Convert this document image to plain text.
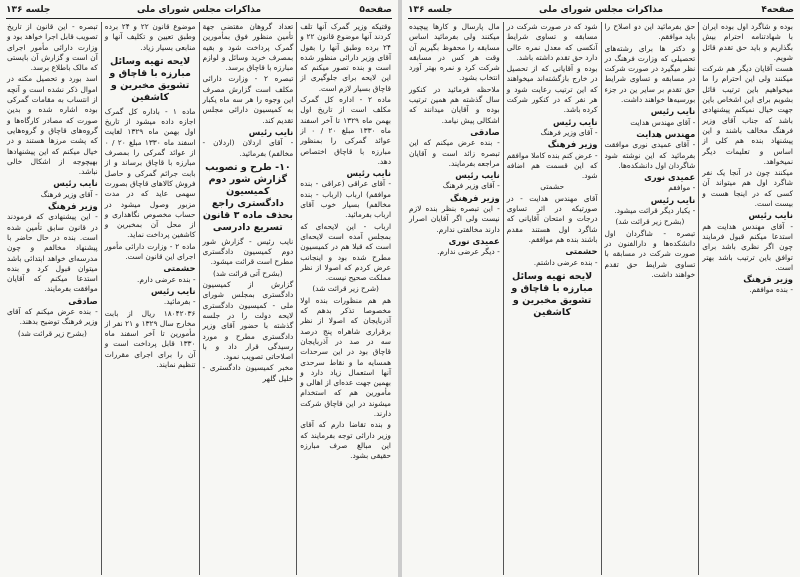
صفحه۵
مذاکرات مجلس شورای ملی
جلسه ۱۳۶

وقتیکه وزیر گمرک آنها تلف کردند آنها موضوع قانون ۲۲ و ۲۴ برده وطبق آنها را بقول آقای وزیر دارائی منظور شده است و بنده تصور میکنم که این لایحه برای جلوگیری از قاچاق بسیار لازم است.

ماده ۲ - اداره کل گمرک مکلف است از تاریخ اول بهمن ماه ۱۳۲۹ تا آخر اسفند ماه ۱۳۳۰ مبلغ ۲۰ / ۰ از عوائد گمرکی را بمنظور مبارزه با قاچاق اختصاص دهد.

نایب رئیس

- آقای عراقی (عراقی - بنده موافقم) ارباب (ارباب - بنده مخالفم) بسیار خوب آقای ارباب بفرمائید.

ارباب - این لایحه‌ای که بمجلس آمده است لایحه‌ای است که قبلا هم در کمیسیون مطرح شده بود و اینجانب عرض کردم که اصولا از نظر مملکت صحیح نیست.

(شرح زیر قرائت شد)

هم هم منظورات بنده اولا مخصوصا تذکر بدهم که آذربایجان که اصولا از نظر برقراری شاهراه پنج درصد سه در صد در آذربایجان قاچاق بود در این سرحدات همسایه ما و نقاط سرحدی آنها استعمال زیاد دارد و بهمین جهت عده‌ای از اهالی و مأمورین هم که استخدام میشوند در این قاچاق شرکت دارند.

و بنده تقاضا دارم که آقای وزیر دارائی توجه بفرمایند که این مبالغ صرف مبارزه حقیقی بشود.

تعداد گروهان مقتضی جهة تأمین منظور فوق بمأمورین گمرک پرداخت شود و بقیه بمصرف خرید وسائل و لوازم مبارزه با قاچاق برسد.

تبصره ۲ - وزارت دارائی مکلف است گزارش مصرف این وجوه را هر سه ماه یکبار به کمیسیون دارائی مجلس تقدیم کند.

نایب رئیس

- آقای اردلان (اردلان - مخالفم) بفرمائید.

۱۰- طرح و تصویب گزارش شور دوم کمیسیون دادگستری راجع بحذف ماده ۳ قانون تسریع دادرسی

نایب رئیس - گزارش شور دوم کمیسیون دادگستری مطرح است قرائت میشود.

(بشرح آتی قرائت شد)

گزارش از کمیسیون دادگستری بمجلس شورای ملی - کمیسیون دادگستری لایحه دولت را در جلسه گذشته با حضور آقای وزیر دادگستری مطرح و مورد رسیدگی قرار داد و با اصلاحاتی تصویب نمود.

مخبر کمیسیون دادگستری - خلیل گلهر

موضوع قانون ۲۲ و ۲۴ برده وطبق تعیین و تکلیف آنها و منابعی بسیار زیاد.

لایحه تهیه وسائل مبارزه با قاچاق و تشویق مخبرین و کاشفین

ماده ۱ - باداره کل گمرک اجازه داده میشود از تاریخ اول بهمن ماه ۱۳۲۹ لغایت اسفند ماه ۱۳۳۰ مبلغ ۲۰ / ۰ از عوائد گمرکی را بمصرف مبارزه با قاچاق برساند و از بابت جرائم گمرکی و حاصل فروش کالاهای قاچاق بصورت سهمی عاید که در مدت مزبور وصول میشود در حساب مخصوص نگاهداری و از محل آن بمخبرین و کاشفین پرداخت نماید.

ماده ۲ - وزارت دارائی مأمور اجرای این قانون است.

حشمتی

- بنده عرضی دارم.

نایب رئیس

- بفرمائید.

۱۸۰۴۲۰۳۶ ریال از بابت مخارج سال ۱۳۲۹ و ۲۱ نفر از مأمورین تا آخر اسفند ماه ۱۳۳۰ قابل پرداخت است و آن را برای اجرای مقررات تنظیم نمایند.

تبصره - این قانون از تاریخ تصویب قابل اجرا خواهد بود و وزارت دارائی مأمور اجرای آن است و گزارش آن بایستی که مالک باطلاع برسد.

اسد بورد و تحصیل مکنه در اموال ذکر نشده است و آنچه از انتساب به مقامات گمرکی بوده اشاره شده و بدین صورت که مصادر کارگاه‌ها و گروه‌های قاچاق و گروه‌هایی که پشت مرزها هستند و در خیال میکنم که این پیشنهادها بهیچوجه از اشکال خالی نباشد.

نایب رئیس

- آقای وزیر فرهنگ

وزیر فرهنگ

- این پیشنهادی که فرمودند در قانون سابق تأمین شده است. بنده در حال حاضر با پیشنهاد مخالفم و چون مدرسه‌ای خواهد ابتدائی باشد میتوان قبول کرد و بنده استدعا میکنم که آقایان موافقت بفرمایند.

صادقی

- بنده عرض میکنم که آقای وزیر فرهنگ توضیح بدهند.

(بشرح زیر قرائت شد)

صفحه۴
مذاکرات مجلس شورای ملی
جلسه ۱۳۶

بوده و شاگرد اول بوده ایران با شهادتنامه احترام بیش بگذاریم و باید حق تقدم قائل شویم.

هست آقایان دیگر هم شرکت میکنند ولی این احترام را ما میخواهیم باین ترتیب قائل بشویم برای این اشخاص باین جهت خیال نمیکنم پیشنهادی باشد که جناب آقای وزیر فرهنگ مخالف باشند و این پیشنهاد بنده هم کلی از اساس و تعلیمات دیگر نمیخواهد.

میکنند چون در آنجا یک نفر شاگرد اول هم میتواند آن کسی که در اینجا هست و بیست است.

نایب رئیس

- آقای مهندس هدایت هم استدعا میکنم قبول فرمایند چون اگر نظری باشد برای توافق باین ترتیب باشد بهتر است.

وزیر فرهنگ

- بنده موافقم.

حق بفرمائید این دو اصلاح را باید موافقم.

و دکتر ها برای رشته‌های تحصیلی که وزارت فرهنگ در نظر میگیرد در صورت شرکت در مسابقه و تساوی شرایط حق تقدم بر سایر ین در جزء بورسیه‌ها خواهند داشت.

نایب رئیس

- آقای مهندس هدایت

مهندس هدایت

- آقای عمیدی نوری موافقت بفرمائید که این نوشته شود شاگردان اول دانشکده‌ها.

عمیدی نوری

- موافقم

نایب رئیس

- یکبار دیگر قرائت میشود.

(بشرح زیر قرائت شد)

تبصره - شاگردان اول دانشکده‌ها و دارالفنون در صورت شرکت در مسابقه با تساوی شرایط حق تقدم خواهند داشت.

شود که در صورت شرکت در مسابقه و تساوی شرایط آنکسی که معدل نمره عالی دارد حق تقدم داشته باشد.

بوده و آقایانی که از تحصیل در خارج بازگشته‌اند میخواهند که این ترتیب رعایت شود و هر نفر که در کنکور شرکت کرده باشد.

نایب رئیس

- آقای وزیر فرهنگ

وزیر فرهنگ

- عرض کنم بنده کاملا موافقم که این قسمت هم اضافه شود.

حشمتی

آقای مهندس هدایت - در صورتیکه در اثر تساوی درجات و امتحان آقایانی که شاگرد اول هستند مقدم باشند بنده هم موافقم.

حشمتی

- بنده عرضی داشتم.

لایحه تهیه وسائل مبارزه با قاچاق و تشویق مخبرین و کاشفین

مال پارسال و کارها پیچیده میکنند ولی بفرمائید اساس مسابقه را محفوظ بگیریم آن وقت هر کس در مسابقه شرکت کرد و نمره بهتر آورد انتخاب بشود.

ملاحظه فرمائید در کنکور سال گذشته هم همین ترتیب بوده و آقایان میدانند که اشکالی پیش نیامد.

صادقی

- بنده عرض میکنم که این تبصره زائد است و آقایان مراجعه بفرمایند.

نایب رئیس

- آقای وزیر فرهنگ

وزیر فرهنگ

- این تبصره بنظر بنده لازم نیست ولی اگر آقایان اصرار دارند مخالفتی ندارم.

عمیدی نوری

- دیگر عرضی ندارم.
